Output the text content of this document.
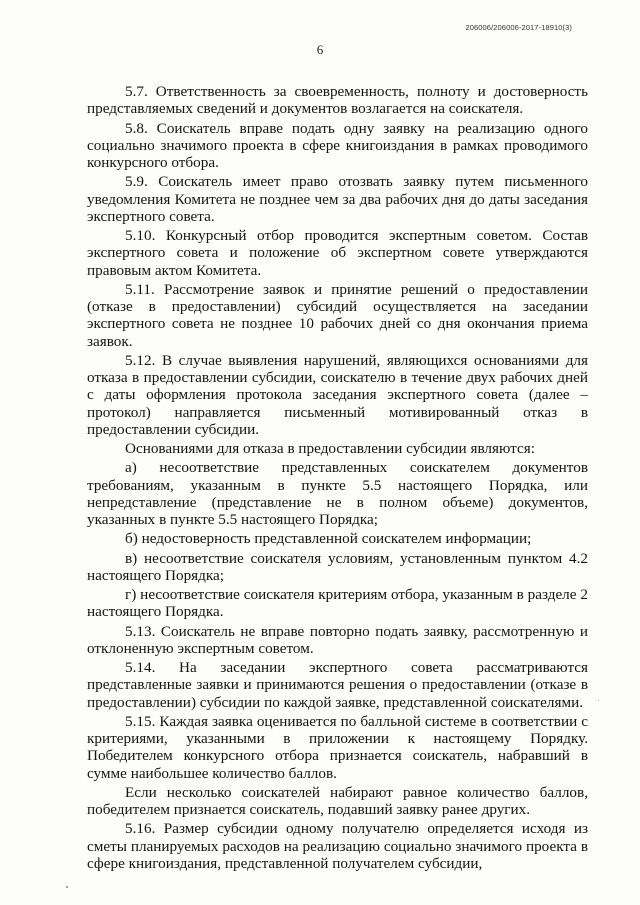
206006/206006-2017-18910(3)
6

5.7. Ответственность за своевременность, полноту и достоверность представляемых сведений и документов возлагается на соискателя.

5.8. Соискатель вправе подать одну заявку на реализацию одного социально значимого проекта в сфере книгоиздания в рамках проводимого конкурсного отбора.

5.9. Соискатель имеет право отозвать заявку путем письменного уведомления Комитета не позднее чем за два рабочих дня до даты заседания экспертного совета.

5.10. Конкурсный отбор проводится экспертным советом. Состав экспертного совета и положение об экспертном совете утверждаются правовым актом Комитета.

5.11. Рассмотрение заявок и принятие решений о предоставлении (отказе в предоставлении) субсидий осуществляется на заседании экспертного совета не позднее 10 рабочих дней со дня окончания приема заявок.

5.12. В случае выявления нарушений, являющихся основаниями для отказа в предоставлении субсидии, соискателю в течение двух рабочих дней с даты оформления протокола заседания экспертного совета (далее – протокол) направляется письменный мотивированный отказ в предоставлении субсидии.

Основаниями для отказа в предоставлении субсидии являются:

а) несоответствие представленных соискателем документов требованиям, указанным в пункте 5.5 настоящего Порядка, или непредставление (представление не в полном объеме) документов, указанных в пункте 5.5 настоящего Порядка;

б) недостоверность представленной соискателем информации;

в) несоответствие соискателя условиям, установленным пунктом 4.2 настоящего Порядка;

г) несоответствие соискателя критериям отбора, указанным в разделе 2 настоящего Порядка.

5.13. Соискатель не вправе повторно подать заявку, рассмотренную и отклоненную экспертным советом.

5.14. На заседании экспертного совета рассматриваются представленные заявки и принимаются решения о предоставлении (отказе в предоставлении) субсидии по каждой заявке, представленной соискателями.

5.15. Каждая заявка оценивается по балльной системе в соответствии с критериями, указанными в приложении к настоящему Порядку. Победителем конкурсного отбора признается соискатель, набравший в сумме наибольшее количество баллов.

Если несколько соискателей набирают равное количество баллов, победителем признается соискатель, подавший заявку ранее других.

5.16. Размер субсидии одному получателю определяется исходя из сметы планируемых расходов на реализацию социально значимого проекта в сфере книгоиздания, представленной получателем субсидии,
